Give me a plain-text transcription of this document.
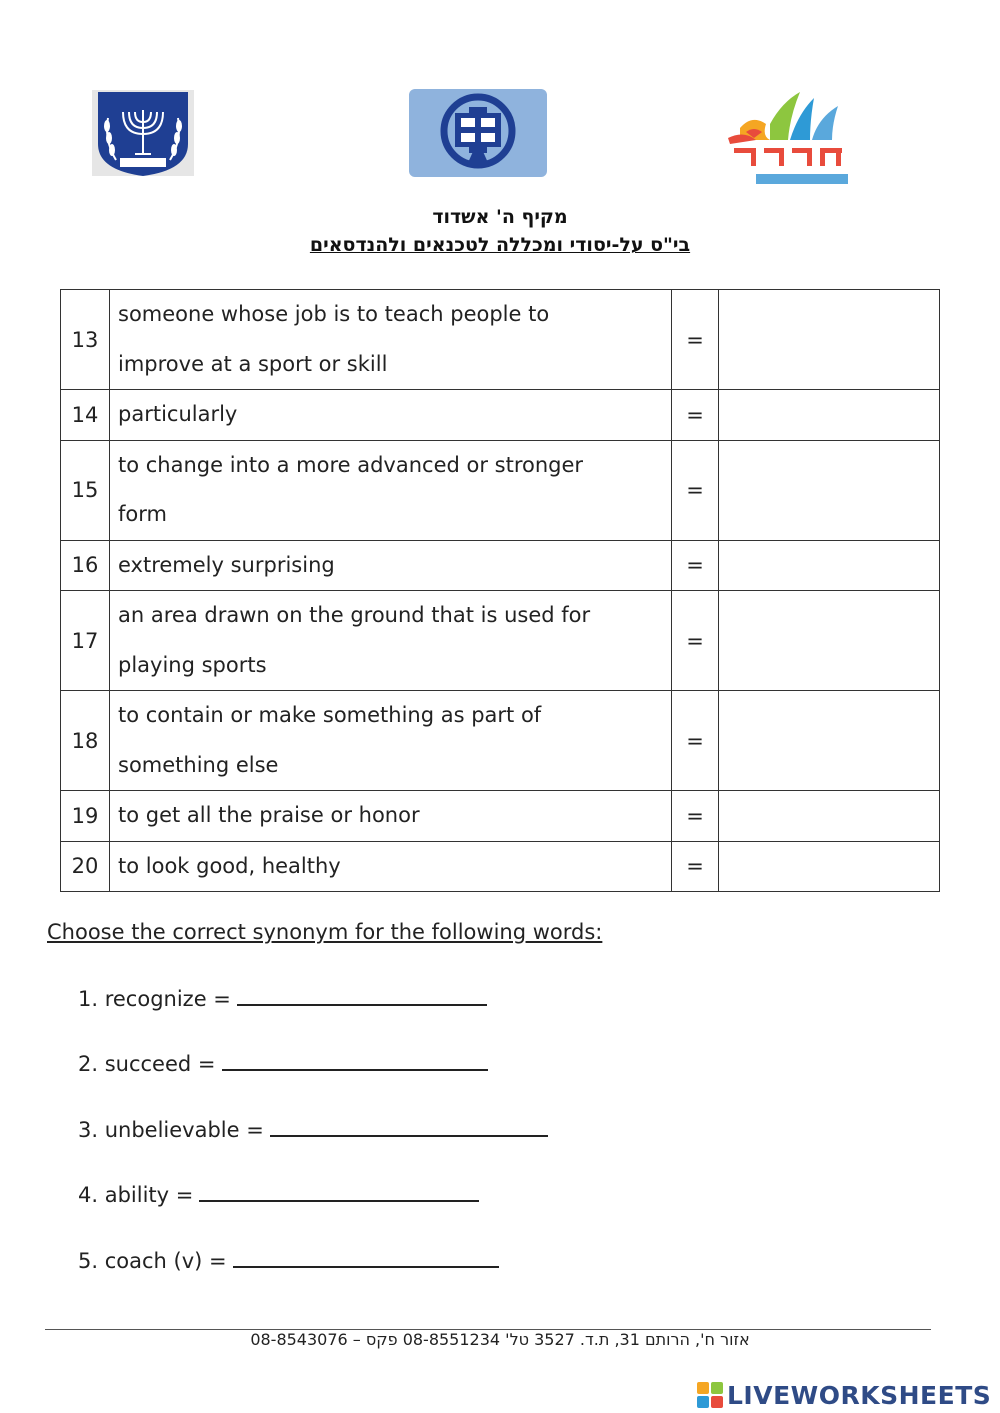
מקיף ה' אשדוד
בי"ס על-יסודי ומכללה לטכנאים ולהנדסאים
13	someone whose job is to teach people to
improve at a sport or skill	=	
14	particularly	=	
15	to change into a more advanced or stronger
form	=	
16	extremely surprising	=	
17	an area drawn on the ground that is used for
playing sports	=	
18	to contain or make something as part of
something else	=	
19	to get all the praise or honor	=	
20	to look good, healthy	=	
Choose the correct synonym for the following words:
1. recognize =
2. succeed =
3. unbelievable =
4. ability =
5. coach (v) =
אזור ח', הרותם 31, ת.ד. 3527 טל' 08-8551234 פקס – 08-8543076
LIVEWORKSHEETS
